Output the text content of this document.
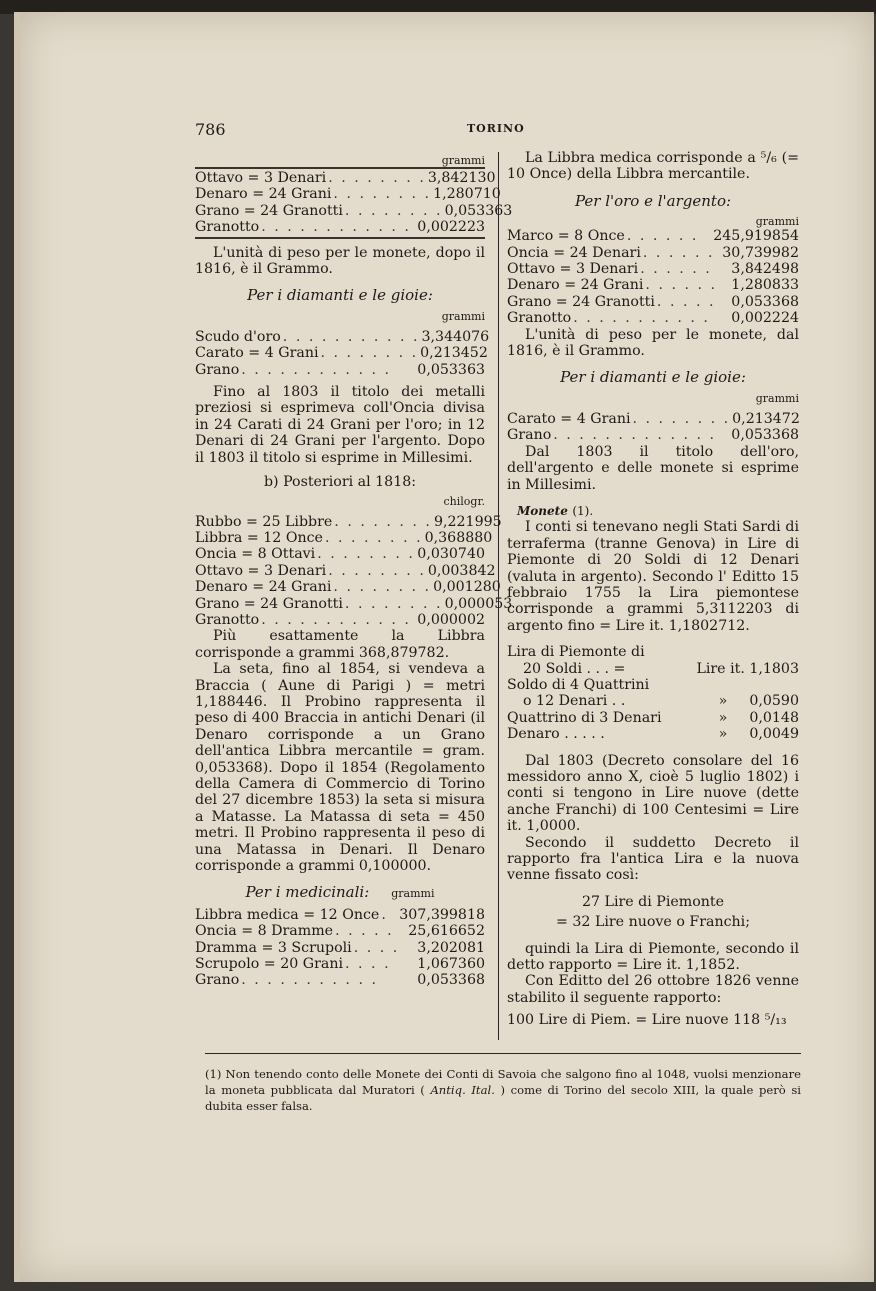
786	TORINO

grammi

Ottavo = 3 Denari . . . . . . . . 3,842130
Denaro = 24 Grani . . . . . . . . 1,280710
Grano = 24 Granotti . . . . . . . . 0,053363
Granotto . . . . . . . . . . . . 0,002223

L'unità di peso per le monete, dopo il 1816, è il Grammo.

Per i diamanti e le gioie:

grammi

Scudo d'oro . . . . . . . . . . . 3,344076
Carato = 4 Grani . . . . . . . . 0,213452
Grano . . . . . . . . . . . .	0,053363

Fino al 1803 il titolo dei metalli preziosi si esprimeva coll'Oncia divisa in 24 Carati di 24 Grani per l'oro; in 12 Denari di 24 Grani per l'argento. Dopo il 1803 il titolo si esprime in Millesimi.

b) Posteriori al 1818:

chilogr.

Rubbo = 25 Libbre . . . . . . . . 9,221995
Libbra = 12 Once . . . . . . . . 0,368880
Oncia = 8 Ottavi . . . . . . . . 0,030740
Ottavo = 3 Denari . . . . . . . . 0,003842
Denaro = 24 Grani . . . . . . . . 0,001280
Grano = 24 Granotti . . . . . . . . 0,000053
Granotto . . . . . . . . . . . . 0,000002

Più esattamente la Libbra corrisponde a grammi 368,879782.

La seta, fino al 1854, si vendeva a Braccia ( Aune di Parigi ) = metri 1,188446. Il Probino rappresenta il peso di 400 Braccia in antichi Denari (il Denaro corrisponde a un Grano dell'antica Libbra mercantile = gram. 0,053368). Dopo il 1854 (Regolamento della Camera di Commercio di Torino del 27 dicembre 1853) la seta si misura a Matasse. La Matassa di seta = 450 metri. Il Probino rappresenta il peso di una Matassa in Denari. Il Denaro corrisponde a grammi 0,100000.

Per i medicinali: grammi
Libbra medica = 12 Once . 307,399818
Oncia = 8 Dramme . . . . .	25,616652
Dramma = 3 Scrupoli . . . .	3,202081
Scrupolo = 20 Grani . . . .	1,067360
Grano . . . . . . . . . . .	0,053368

La Libbra medica corrisponde a ⁵/₆ (= 10 Once) della Libbra mercantile.

Per l'oro e l'argento:

grammi

Marco = 8 Once . . . . . .	245,919854
Oncia = 24 Denari . . . . . . 30,739982
Ottavo = 3 Denari . . . . . .	3,842498
Denaro = 24 Grani . . . . . .	1,280833
Grano = 24 Granotti . . . . .	0,053368
Granotto . . . . . . . . . . .	0,002224

L'unità di peso per le monete, dal 1816, è il Grammo.

Per i diamanti e le gioie:

grammi

Carato = 4 Grani . . . . . . . . 0,213472
Grano . . . . . . . . . . . . .	0,053368

Dal 1803 il titolo dell'oro, dell'argento e delle monete si esprime in Millesimi.

Monete (1).

I conti si tenevano negli Stati Sardi di terraferma (tranne Genova) in Lire di Piemonte di 20 Soldi di 12 Denari (valuta in argento). Secondo l' Editto 15 febbraio 1755 la Lira piemontese corrisponde a grammi 5,3112203 di argento fino = Lire it. 1,1802712.

Lira di Piemonte di
20 Soldi . . . =	Lire it. 1,1803
Soldo di 4 Quattrini
o 12 Denari . .	»	0,0590
Quattrino di 3 Denari	»	0,0148
Denaro . . . . .	»	0,0049

Dal 1803 (Decreto consolare del 16 messidoro anno X, cioè 5 luglio 1802) i conti si tengono in Lire nuove (dette anche Franchi) di 100 Centesimi = Lire it. 1,0000.

Secondo il suddetto Decreto il rapporto fra l'antica Lira e la nuova venne fissato così:

27 Lire di Piemonte
= 32 Lire nuove o Franchi;

quindi la Lira di Piemonte, secondo il detto rapporto = Lire it. 1,1852.

Con Editto del 26 ottobre 1826 venne stabilito il seguente rapporto:

100 Lire di Piem. = Lire nuove 118 ⁵/₁₃

(1) Non tenendo conto delle Monete dei Conti di Savoia che salgono fino al 1048, vuolsi menzionare la moneta pubblicata dal Muratori ( Antiq. Ital. ) come di Torino del secolo XIII, la quale però si dubita esser falsa.
